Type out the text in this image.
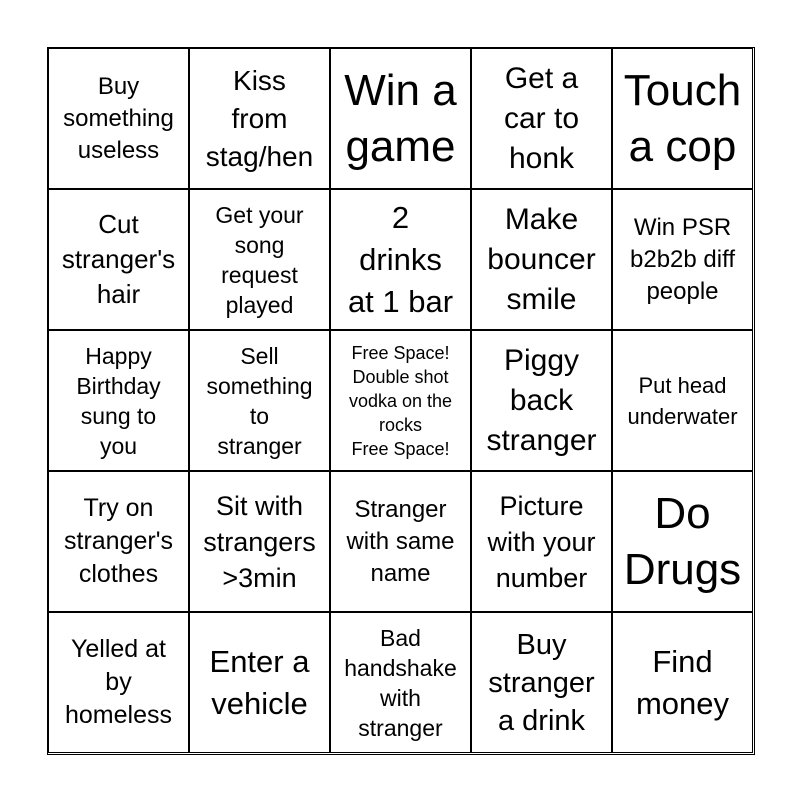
Buy
something
useless
Kiss
from
stag/hen
Win a
game
Get a
car to
honk
Touch
a cop
Cut
stranger's
hair
Get your
song
request
played
2
drinks
at 1 bar
Make
bouncer
smile
Win PSR
b2b2b diff
people
Happy
Birthday
sung to
you
Sell
something
to
stranger
Free Space!
Double shot
vodka on the
rocks
Free Space!
Piggy
back
stranger
Put head
underwater
Try on
stranger's
clothes
Sit with
strangers
>3min
Stranger
with same
name
Picture
with your
number
Do
Drugs
Yelled at
by
homeless
Enter a
vehicle
Bad
handshake
with
stranger
Buy
stranger
a drink
Find
money
